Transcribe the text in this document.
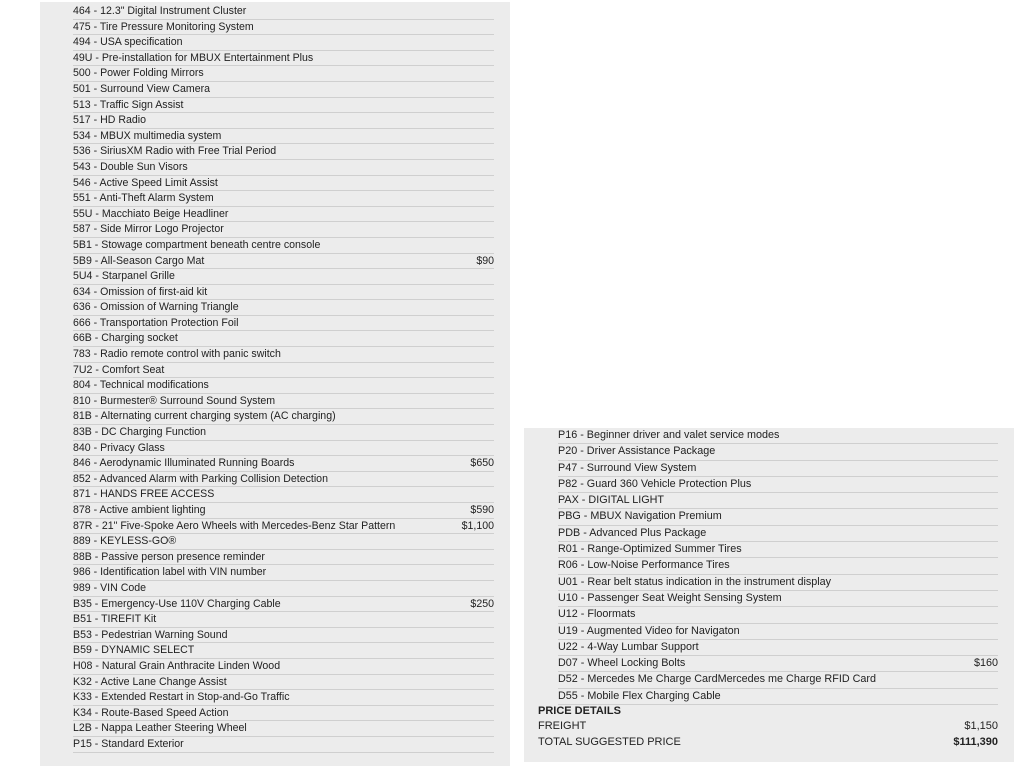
464 - 12.3" Digital Instrument Cluster
475 - Tire Pressure Monitoring System
494 - USA specification
49U - Pre-installation for MBUX Entertainment Plus
500 - Power Folding Mirrors
501 - Surround View Camera
513 - Traffic Sign Assist
517 - HD Radio
534 - MBUX multimedia system
536 - SiriusXM Radio with Free Trial Period
543 - Double Sun Visors
546 - Active Speed Limit Assist
551 - Anti-Theft Alarm System
55U - Macchiato Beige Headliner
587 - Side Mirror Logo Projector
5B1 - Stowage compartment beneath centre console
5B9 - All-Season Cargo Mat	$90
5U4 - Starpanel Grille
634 - Omission of first-aid kit
636 - Omission of Warning Triangle
666 - Transportation Protection Foil
66B - Charging socket
783 - Radio remote control with panic switch
7U2 - Comfort Seat
804 - Technical modifications
810 - Burmester® Surround Sound System
81B - Alternating current charging system (AC charging)
83B - DC Charging Function
840 - Privacy Glass
846 - Aerodynamic Illuminated Running Boards	$650
852 - Advanced Alarm with Parking Collision Detection
871 - HANDS FREE ACCESS
878 - Active ambient lighting	$590
87R - 21" Five-Spoke Aero Wheels with Mercedes-Benz Star Pattern	$1,100
889 - KEYLESS-GO®
88B - Passive person presence reminder
986 - Identification label with VIN number
989 - VIN Code
B35 - Emergency-Use 110V Charging Cable	$250
B51 - TIREFIT Kit
B53 - Pedestrian Warning Sound
B59 - DYNAMIC SELECT
H08 - Natural Grain Anthracite Linden Wood
K32 - Active Lane Change Assist
K33 - Extended Restart in Stop-and-Go Traffic
K34 - Route-Based Speed Action
L2B - Nappa Leather Steering Wheel
P15 - Standard Exterior
P16 - Beginner driver and valet service modes
P20 - Driver Assistance Package
P47 - Surround View System
P82 - Guard 360 Vehicle Protection Plus
PAX - DIGITAL LIGHT
PBG - MBUX Navigation Premium
PDB - Advanced Plus Package
R01 - Range-Optimized Summer Tires
R06 - Low-Noise Performance Tires
U01 - Rear belt status indication in the instrument display
U10 - Passenger Seat Weight Sensing System
U12 - Floormats
U19 - Augmented Video for Navigaton
U22 - 4-Way Lumbar Support
D07 - Wheel Locking Bolts	$160
D52 - Mercedes Me Charge CardMercedes me Charge RFID Card
D55 - Mobile Flex Charging Cable
PRICE DETAILS
FREIGHT	$1,150
TOTAL SUGGESTED PRICE	$111,390
